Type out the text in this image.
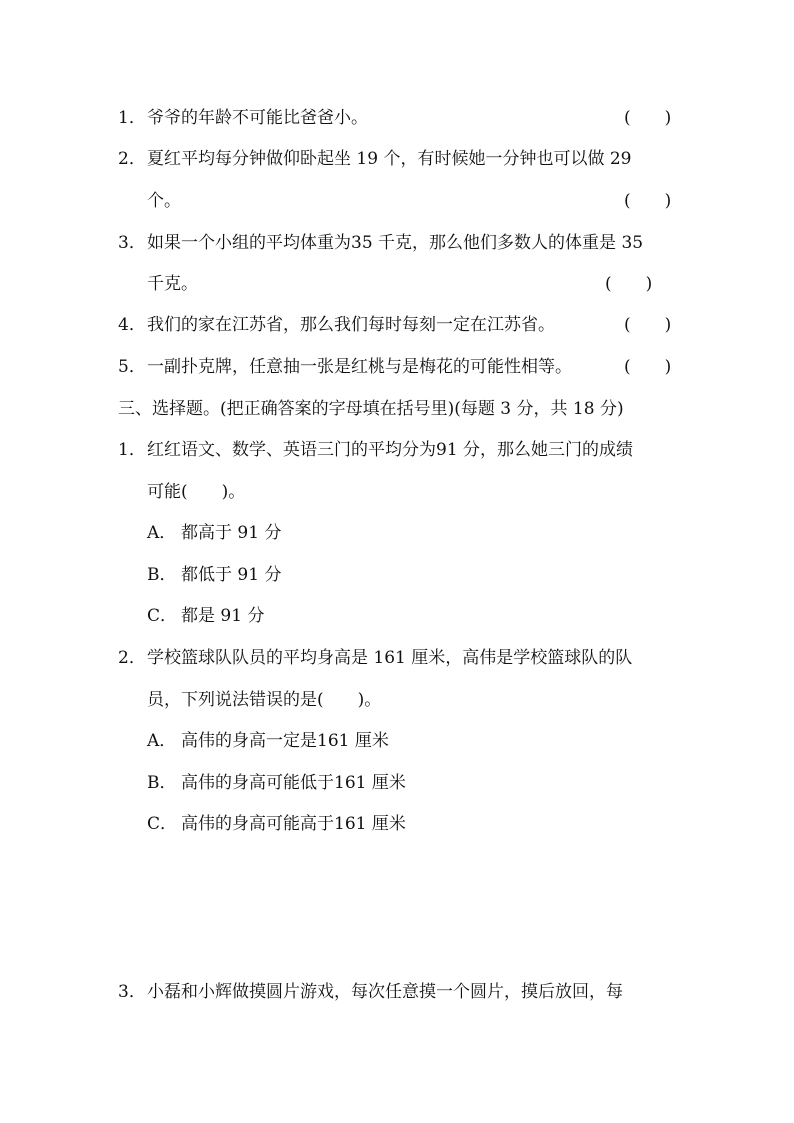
1． 爷爷的年龄不可能比爸爸小。	(　　)
2． 夏红平均每分钟做仰卧起坐 19 个，有时候她一分钟也可以做 29
个。	(　　)
3． 如果一个小组的平均体重为35 千克，那么他们多数人的体重是 35
千克。	(　　)
4． 我们的家在江苏省，那么我们每时每刻一定在江苏省。	(　　)
5． 一副扑克牌，任意抽一张是红桃与是梅花的可能性相等。	(　　)
三、选择题。(把正确答案的字母填在括号里)(每题 3 分，共 18 分)
1． 红红语文、数学、英语三门的平均分为91 分，那么她三门的成绩
可能(　　)。
A． 都高于 91 分
B． 都低于 91 分
C． 都是 91 分
2． 学校篮球队队员的平均身高是 161 厘米，高伟是学校篮球队的队
员，下列说法错误的是(　　)。
A． 高伟的身高一定是161 厘米
B． 高伟的身高可能低于161 厘米
C． 高伟的身高可能高于161 厘米
3． 小磊和小辉做摸圆片游戏，每次任意摸一个圆片，摸后放回，每
